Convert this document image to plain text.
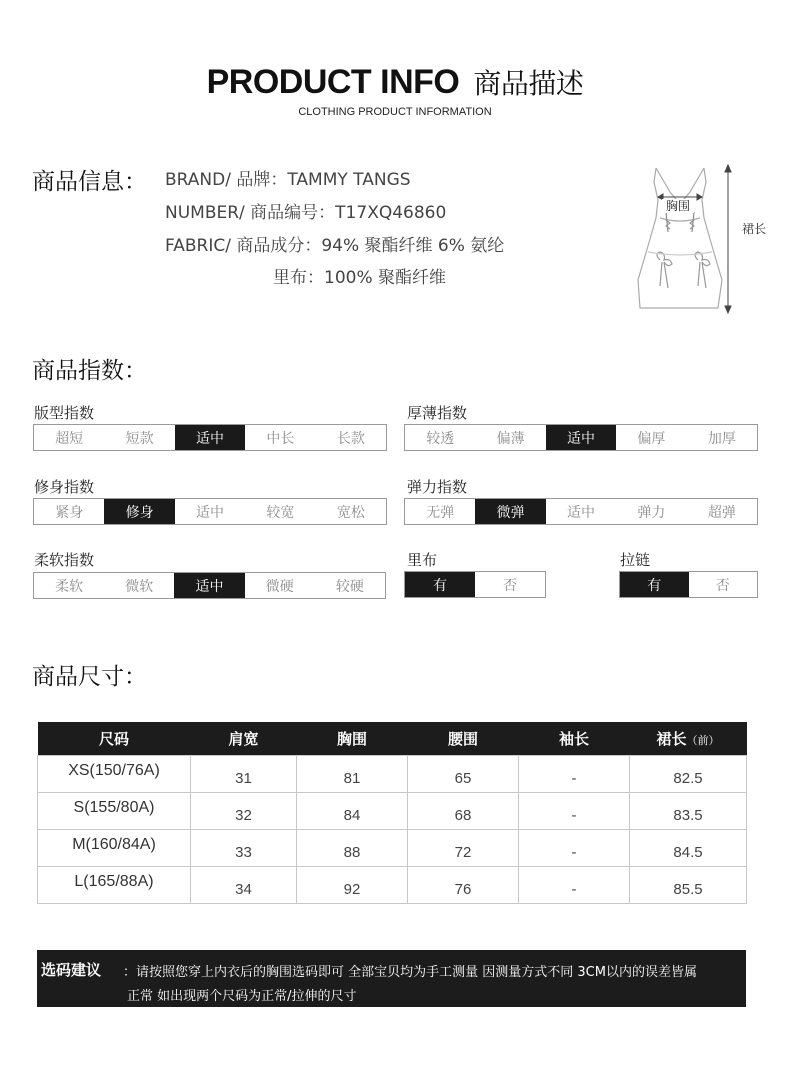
PRODUCT INFO 商品描述
CLOTHING PRODUCT INFORMATION
商品信息： BRAND/ 品牌：TAMMY TANGS
NUMBER/ 商品编号：T17XQ46860
FABRIC/ 商品成分：94% 聚酯纤维 6% 氨纶
里布：100% 聚酯纤维
胸围
裙长
商品指数：
版型指数
超短	短款	适中	中长	长款
厚薄指数
较透	偏薄	适中	偏厚	加厚
修身指数
紧身	修身	适中	较宽	宽松
弹力指数
无弹	微弹	适中	弹力	超弹
柔软指数
柔软	微软	适中	微硬	较硬
里布
有	否
拉链
有	否
商品尺寸：
尺码	肩宽	胸围	腰围	袖长	裙长（前）
XS(150/76A)	31	81	65	-	82.5
S(155/80A)	32	84	68	-	83.5
M(160/84A)	33	88	72	-	84.5
L(165/88A)	34	92	76	-	85.5
选码建议 ：请按照您穿上内衣后的胸围选码即可 全部宝贝均为手工测量 因测量方式不同 3CM以内的误差皆属
正常 如出现两个尺码为正常/拉伸的尺寸
